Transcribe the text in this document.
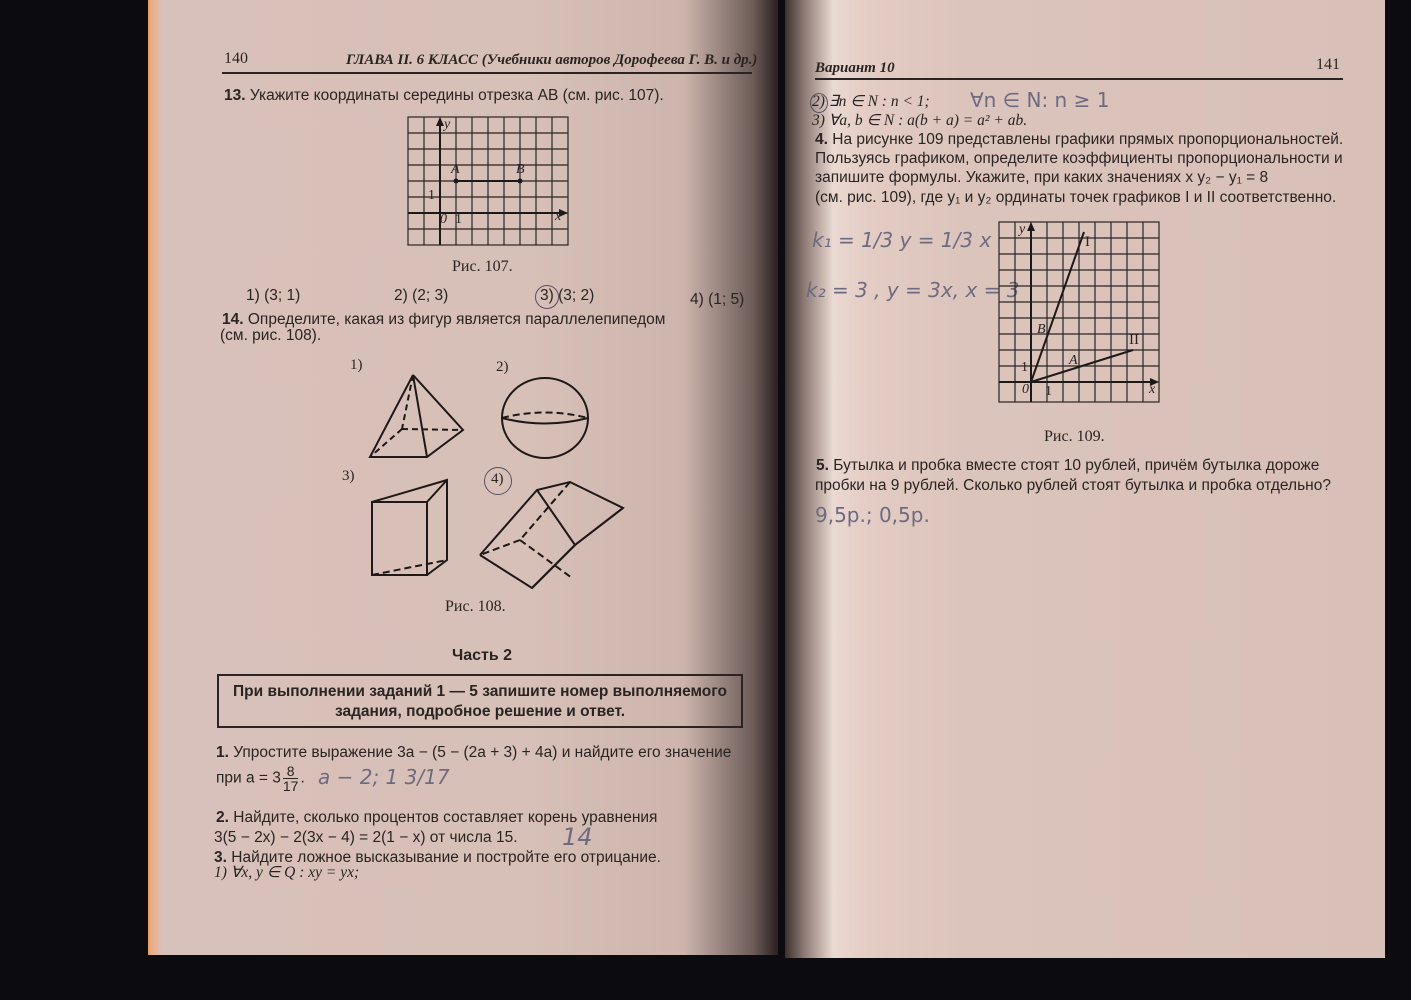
140	ГЛАВА II. 6 КЛАСС (Учебники авторов Дорофеева Г. В. и др.)
13. Укажите координаты середины отрезка AB (см. рис. 107).
y
x
A	B
0 1
1
Рис. 107.
1) (3; 1)	2) (2; 3)	3) (3; 2)	4) (1; 5)
14. Определите, какая из фигур является параллелепипедом
(см. рис. 108).
1)	2)
3)	4)
Рис. 108.
Часть 2
При выполнении заданий 1 — 5 запишите номер выполняемого
задания, подробное решение и ответ.
1. Упростите выражение 3a − (5 − (2a + 3) + 4a) и найдите его значение
при $a = 3 \frac{8}{17}$ . a − 2; 1 3/17
2. Найдите, сколько процентов составляет корень уравнения
3(5 − 2x) − 2(3x − 4) = 2(1 − x) от числа 15. 14
3. Найдите ложное высказывание и постройте его отрицание.
1) ∀x, y ∈ Q : xy = yx;
Вариант 10	141
2) ∃n ∈ N : n < 1; ∀n ∈ N: n ≥ 1
3) ∀a, b ∈ N : a(b + a) = a² + ab.
4. На рисунке 109 представлены графики прямых пропорциональностей.
Пользуясь графиком, определите коэффициенты пропорциональности и
запишите формулы. Укажите, при каких значениях x y₂ − y₁ = 8
(см. рис. 109), где y₁ и y₂ ординаты точек графиков I и II соответственно.
k₁ = 1/3 y = 1/3 x
k₂ = 3 , y = 3x, x = 3
y
x
I
II
B
A
0 1
1
Рис. 109.
5. Бутылка и пробка вместе стоят 10 рублей, причём бутылка дороже
пробки на 9 рублей. Сколько рублей стоят бутылка и пробка отдельно?
9,5р.; 0,5р.
